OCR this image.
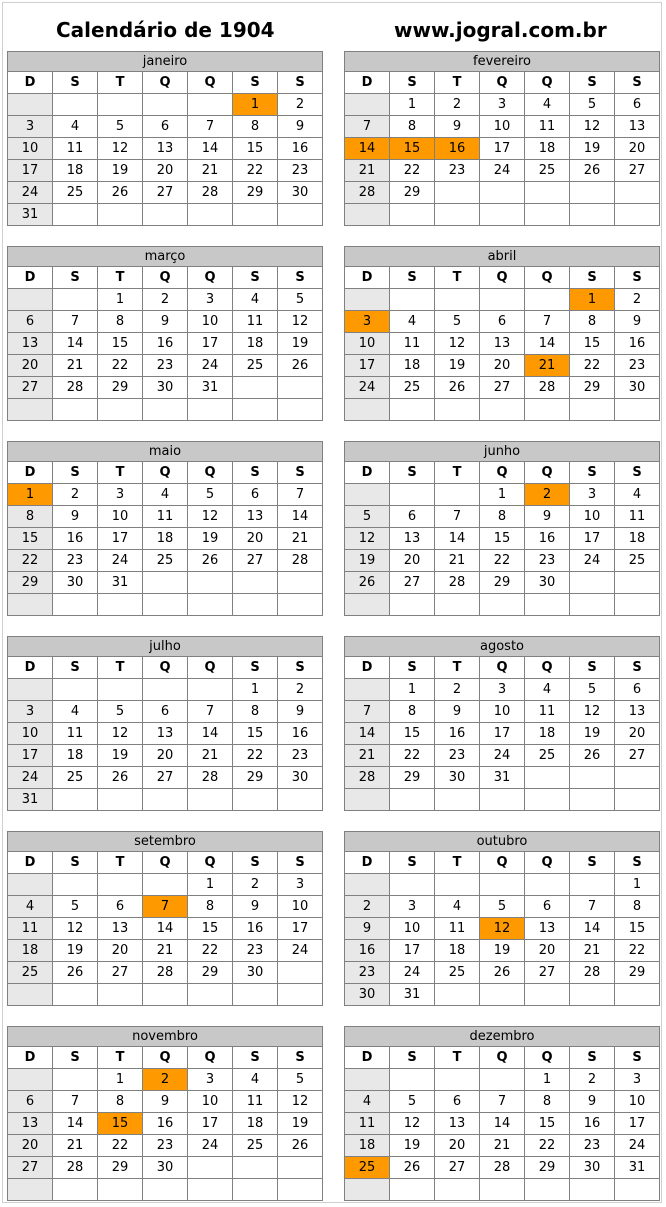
Calendário de 1904	www.jogral.com.br
janeiro						
D	S	T	Q	Q	S	S
					1	2
3	4	5	6	7	8	9
10	11	12	13	14	15	16
17	18	19	20	21	22	23
24	25	26	27	28	29	30
31						
fevereiro						
D	S	T	Q	Q	S	S
	1	2	3	4	5	6
7	8	9	10	11	12	13
14	15	16	17	18	19	20
21	22	23	24	25	26	27
28	29					

março						
D	S	T	Q	Q	S	S
		1	2	3	4	5
6	7	8	9	10	11	12
13	14	15	16	17	18	19
20	21	22	23	24	25	26
27	28	29	30	31		

abril						
D	S	T	Q	Q	S	S
					1	2
3	4	5	6	7	8	9
10	11	12	13	14	15	16
17	18	19	20	21	22	23
24	25	26	27	28	29	30

maio						
D	S	T	Q	Q	S	S
1	2	3	4	5	6	7
8	9	10	11	12	13	14
15	16	17	18	19	20	21
22	23	24	25	26	27	28
29	30	31				

junho						
D	S	T	Q	Q	S	S
			1	2	3	4
5	6	7	8	9	10	11
12	13	14	15	16	17	18
19	20	21	22	23	24	25
26	27	28	29	30		

julho						
D	S	T	Q	Q	S	S
					1	2
3	4	5	6	7	8	9
10	11	12	13	14	15	16
17	18	19	20	21	22	23
24	25	26	27	28	29	30
31						
agosto						
D	S	T	Q	Q	S	S
	1	2	3	4	5	6
7	8	9	10	11	12	13
14	15	16	17	18	19	20
21	22	23	24	25	26	27
28	29	30	31			

setembro						
D	S	T	Q	Q	S	S
				1	2	3
4	5	6	7	8	9	10
11	12	13	14	15	16	17
18	19	20	21	22	23	24
25	26	27	28	29	30	

outubro						
D	S	T	Q	Q	S	S
						1
2	3	4	5	6	7	8
9	10	11	12	13	14	15
16	17	18	19	20	21	22
23	24	25	26	27	28	29
30	31					
novembro						
D	S	T	Q	Q	S	S
		1	2	3	4	5
6	7	8	9	10	11	12
13	14	15	16	17	18	19
20	21	22	23	24	25	26
27	28	29	30			

dezembro						
D	S	T	Q	Q	S	S
				1	2	3
4	5	6	7	8	9	10
11	12	13	14	15	16	17
18	19	20	21	22	23	24
25	26	27	28	29	30	31
